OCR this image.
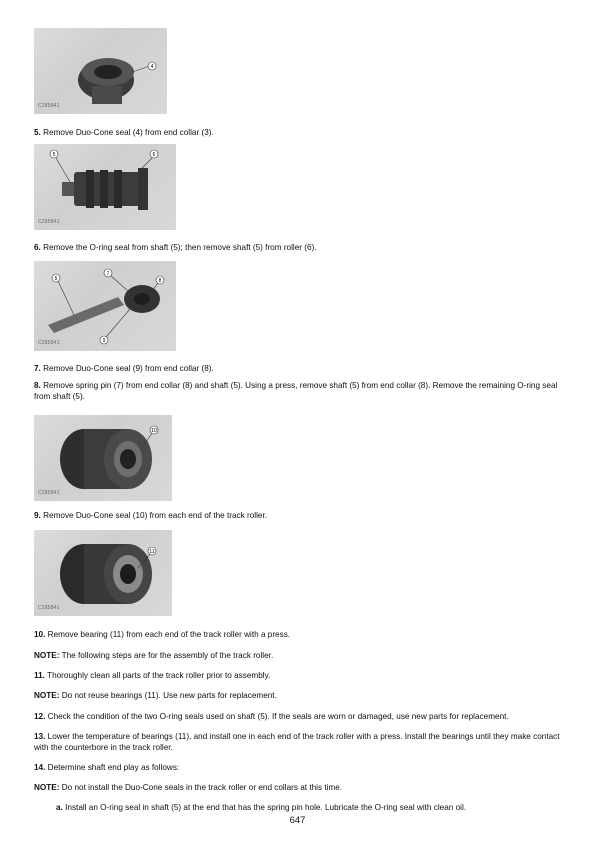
4
C285841

5. Remove Duo-Cone seal (4) from end collar (3).

5	6
C285841

6. Remove the O-ring seal from shaft (5); then remove shaft (5) from roller (6).

5
7
8
9
C285841

7. Remove Duo-Cone seal (9) from end collar (8).

8. Remove spring pin (7) from end collar (8) and shaft (5). Using a press, remove shaft (5) from end collar (8). Remove the remaining O-ring seal from shaft (5).

10
C285841

9. Remove Duo-Cone seal (10) from each end of the track roller.

11
C285841

10. Remove bearing (11) from each end of the track roller with a press.

NOTE: The following steps are for the assembly of the track roller.

11. Thoroughly clean all parts of the track roller prior to assembly.

NOTE: Do not reuse bearings (11). Use new parts for replacement.

12. Check the condition of the two O-ring seals used on shaft (5). If the seals are worn or damaged, use new parts for replacement.

13. Lower the temperature of bearings (11), and install one in each end of the track roller with a press. Install the bearings until they make contact with the counterbore in the track roller.

14. Determine shaft end play as follows:

NOTE: Do not install the Duo-Cone seals in the track roller or end collars at this time.

a. Install an O-ring seal in shaft (5) at the end that has the spring pin hole. Lubricate the O-ring seal with clean oil.

647
